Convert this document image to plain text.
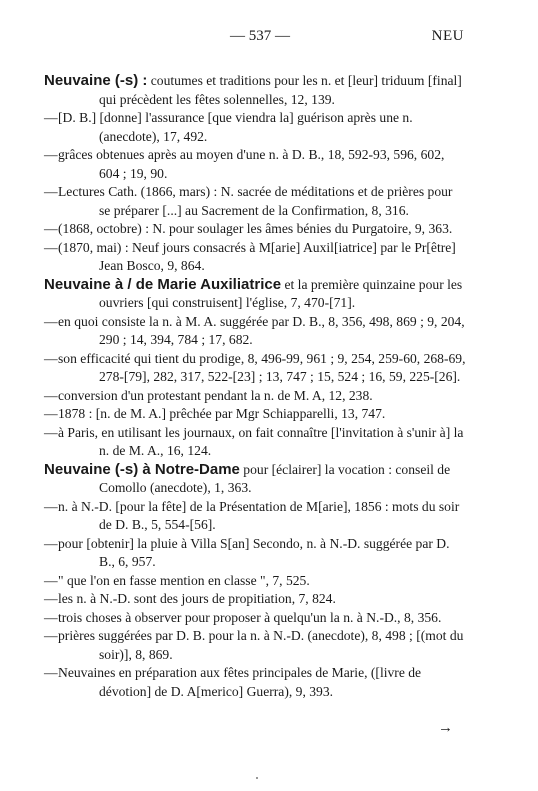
— 537 —	NEU

Neuvaine (-s) : coutumes et traditions pour les n. et [leur] triduum [final] qui précèdent les fêtes solennelles, 12, 139.

—[D. B.] [donne] l'assurance [que viendra la] guérison après une n. (anecdote), 17, 492.

—grâces obtenues après au moyen d'une n. à D. B., 18, 592-93, 596, 602, 604 ; 19, 90.

—Lectures Cath. (1866, mars) : N. sacrée de méditations et de prières pour se préparer [...] au Sacrement de la Confirmation, 8, 316.

—(1868, octobre) : N. pour soulager les âmes bénies du Purgatoire, 9, 363.

—(1870, mai) : Neuf jours consacrés à M[arie] Auxil[iatrice] par le Pr[être] Jean Bosco, 9, 864.

Neuvaine à / de Marie Auxiliatrice et la première quinzaine pour les ouvriers [qui construisent] l'église, 7, 470-[71].

—en quoi consiste la n. à M. A. suggérée par D. B., 8, 356, 498, 869 ; 9, 204, 290 ; 14, 394, 784 ; 17, 682.

—son efficacité qui tient du prodige, 8, 496-99, 961 ; 9, 254, 259-60, 268-69, 278-[79], 282, 317, 522-[23] ; 13, 747 ; 15, 524 ; 16, 59, 225-[26].

—conversion d'un protestant pendant la n. de M. A, 12, 238.

—1878 : [n. de M. A.] prêchée par Mgr Schiapparelli, 13, 747.

—à Paris, en utilisant les journaux, on fait connaître [l'invitation à s'unir à] la n. de M. A., 16, 124.

Neuvaine (-s) à Notre-Dame pour [éclairer] la vocation : conseil de Comollo (anecdote), 1, 363.

—n. à N.-D. [pour la fête] de la Présentation de M[arie], 1856 : mots du soir de D. B., 5, 554-[56].

—pour [obtenir] la pluie à Villa S[an] Secondo, n. à N.-D. suggérée par D. B., 6, 957.

—" que l'on en fasse mention en classe ", 7, 525.

—les n. à N.-D. sont des jours de propitiation, 7, 824.

—trois choses à observer pour proposer à quelqu'un la n. à N.-D., 8, 356.

—prières suggérées par D. B. pour la n. à N.-D. (anecdote), 8, 498 ; [(mot du soir)], 8, 869.

—Neuvaines en préparation aux fêtes principales de Marie, ([livre de dévotion] de D. A[merico] Guerra), 9, 393.

→
